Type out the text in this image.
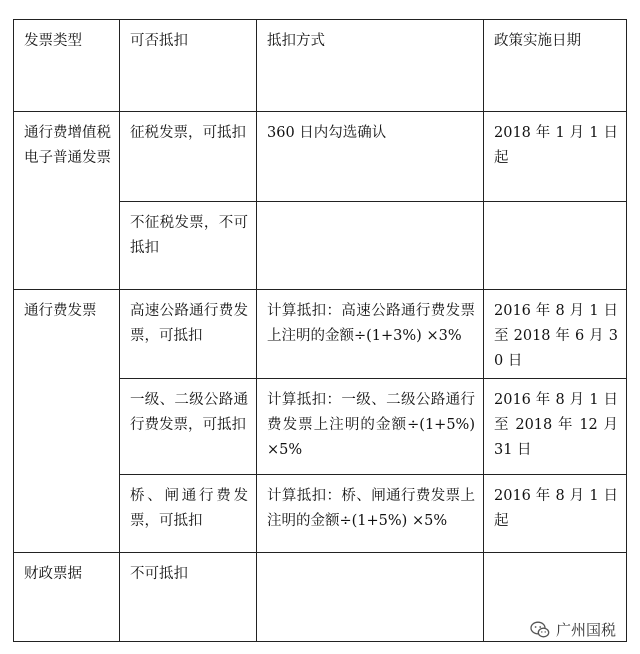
发票类型	可否抵扣	抵扣方式	政策实施日期
通行费增值税电子普通发票	征税发票，可抵扣	360 日内勾选确认	2018 年 1 月 1 日起
	不征税发票，不可抵扣		
通行费发票	高速公路通行费发票，可抵扣	计算抵扣：高速公路通行费发票上注明的金额÷(1+3%) ×3%	2016 年 8 月 1 日至 2018 年 6 月 30 日
	一级、二级公路通行费发票，可抵扣	计算抵扣：一级、二级公路通行费发票上注明的金额÷(1+5%) ×5%	2016 年 8 月 1 日至 2018 年 12 月 31 日
	桥、闸通行费发票，可抵扣	计算抵扣：桥、闸通行费发票上注明的金额÷(1+5%) ×5%	2016 年 8 月 1 日起
财政票据	不可抵扣		
广州国税
